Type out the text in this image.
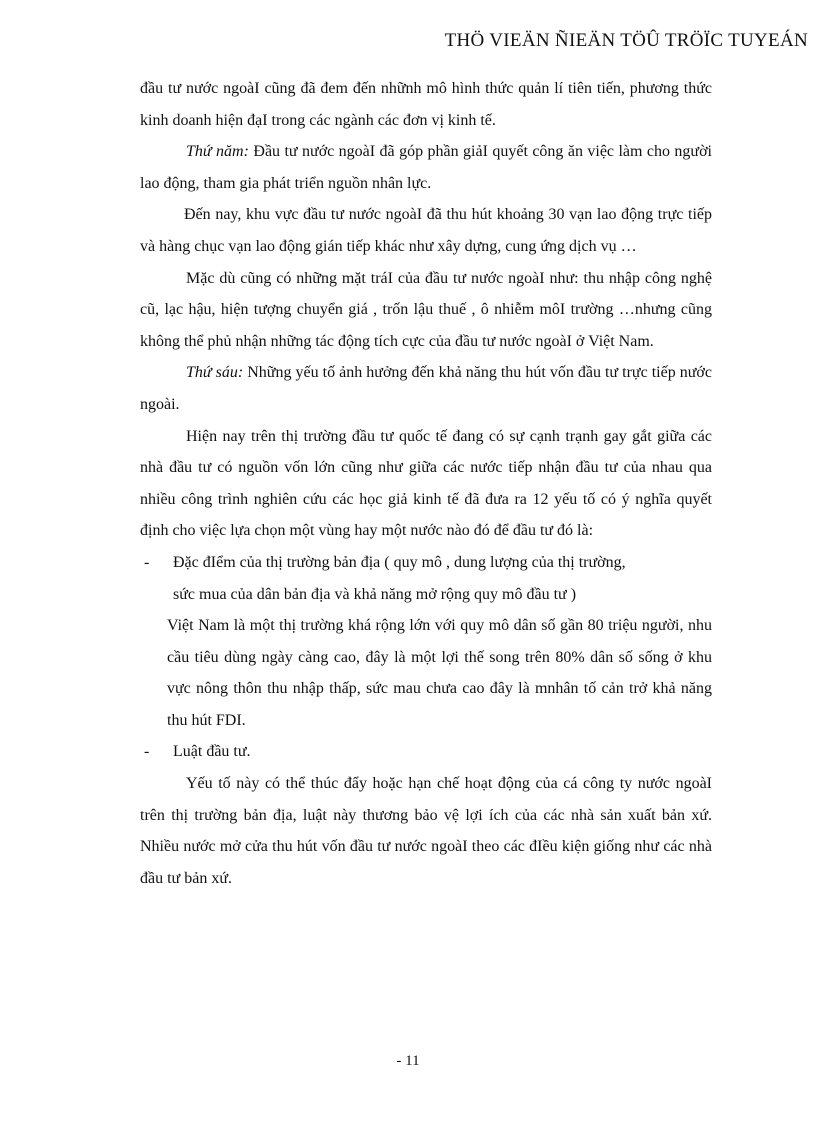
THÖ VIEÄN ÑIEÄN TÖÛ TRÖÏC TUYEÁN

đầu tư nước ngoàI cũng đã đem đến nhữnh mô hình thức quản lí tiên tiến, phương thức kinh doanh hiện đạI trong các ngành các đơn vị kinh tế.

Thứ năm: Đầu tư nước ngoàI đã góp phần giảI quyết công ăn việc làm cho người lao động, tham gia phát triển nguồn nhân lực.

Đến nay, khu vực đầu tư nước ngoàI đã thu hút khoảng 30 vạn lao động trực tiếp và hàng chục vạn lao động gián tiếp khác như xây dựng, cung ứng dịch vụ …

Mặc dù cũng có những mặt tráI của đầu tư nước ngoàI như: thu nhập công nghệ cũ, lạc hậu, hiện tượng chuyển giá , trốn lậu thuế , ô nhiễm môI trường …nhưng cũng không thể phủ nhận những tác động tích cực của đầu tư nước ngoàI ở Việt Nam.

Thứ sáu: Những yếu tố ảnh hưởng đến khả năng thu hút vốn đầu tư trực tiếp nước ngoài.

Hiện nay trên thị trường đầu tư quốc tế đang có sự cạnh trạnh gay gắt giữa các nhà đầu tư có nguồn vốn lớn cũng như giữa các nước tiếp nhận đầu tư của nhau qua nhiều công trình nghiên cứu các học giả kinh tế đã đưa ra 12 yếu tố có ý nghĩa quyết định cho việc lựa chọn một vùng hay một nước nào đó để đầu tư đó là:

-	Đặc đIểm của thị trường bản địa ( quy mô , dung lượng của thị trường,

sức mua của dân bản địa và khả năng mở rộng quy mô đầu tư )

Việt Nam là một thị trường khá rộng lớn với quy mô dân số gần 80 triệu người, nhu cầu tiêu dùng ngày càng cao, đây là một lợi thế song trên 80% dân số sống ở khu vực nông thôn thu nhập thấp, sức mau chưa cao đây là mnhân tố cản trở khả năng thu hút FDI.

-	Luật đầu tư.

Yếu tố này có thể thúc đẩy hoặc hạn chế hoạt động của cá công ty nước ngoàI trên thị trường bản địa, luật này thương bảo vệ lợi ích của các nhà sản xuất bản xứ. Nhiều nước mở cửa thu hút vốn đầu tư nước ngoàI theo các đIều kiện giống như các nhà đầu tư bản xứ.

- 11
